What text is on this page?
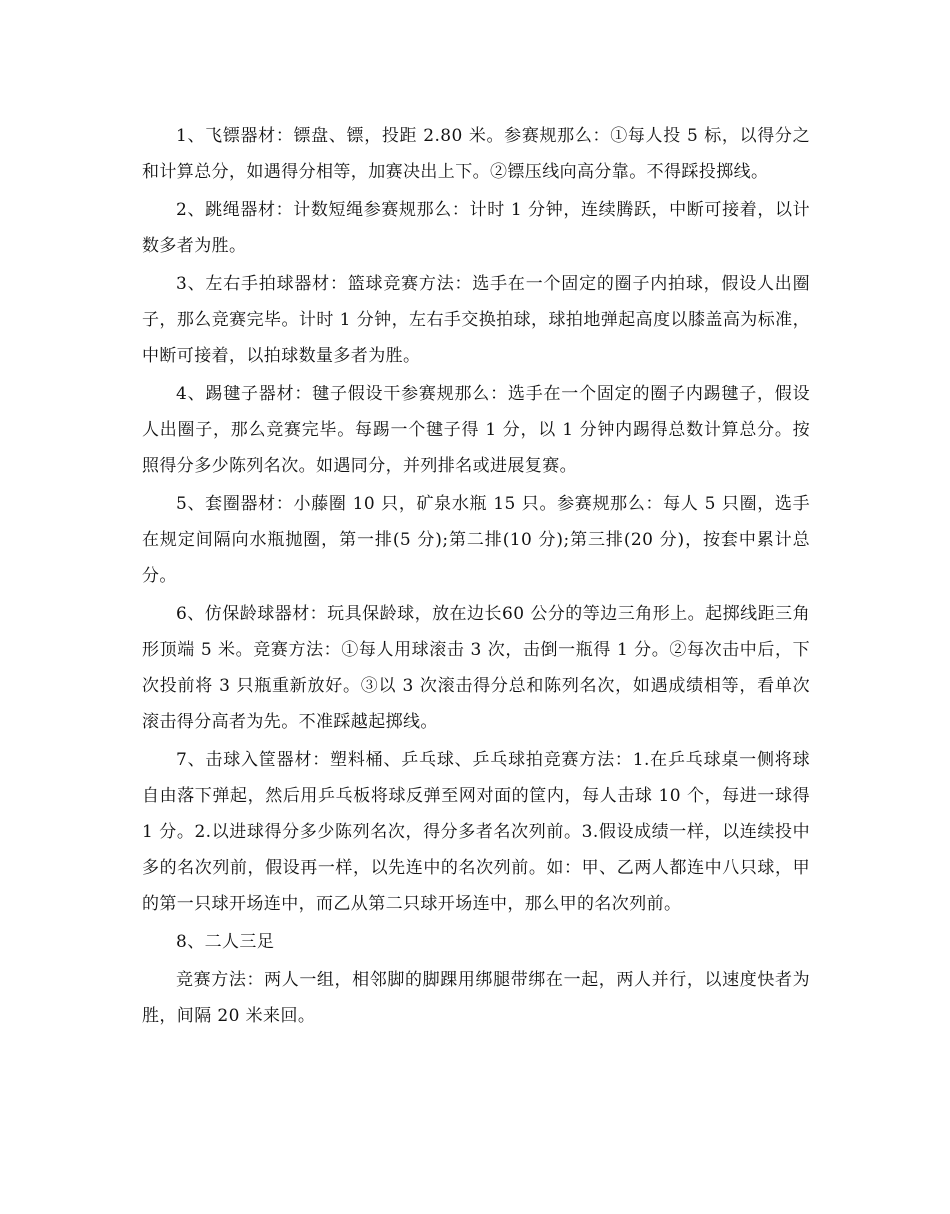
1、飞镖器材：镖盘、镖，投距 2.80 米。参赛规那么：①每人投 5 标，以得分之和计算总分，如遇得分相等，加赛决出上下。②镖压线向高分靠。不得踩投掷线。

2、跳绳器材：计数短绳参赛规那么：计时 1 分钟，连续腾跃，中断可接着，以计数多者为胜。

3、左右手拍球器材：篮球竞赛方法：选手在一个固定的圈子内拍球，假设人出圈子，那么竞赛完毕。计时 1 分钟，左右手交换拍球，球拍地弹起高度以膝盖高为标准，中断可接着，以拍球数量多者为胜。

4、踢毽子器材：毽子假设干参赛规那么：选手在一个固定的圈子内踢毽子，假设人出圈子，那么竞赛完毕。每踢一个毽子得 1 分，以 1 分钟内踢得总数计算总分。按照得分多少陈列名次。如遇同分，并列排名或进展复赛。

5、套圈器材：小藤圈 10 只，矿泉水瓶 15 只。参赛规那么：每人 5 只圈，选手在规定间隔向水瓶抛圈，第一排(5 分);第二排(10 分);第三排(20 分)，按套中累计总分。

6、仿保龄球器材：玩具保龄球，放在边长60 公分的等边三角形上。起掷线距三角形顶端 5 米。竞赛方法：①每人用球滚击 3 次，击倒一瓶得 1 分。②每次击中后，下次投前将 3 只瓶重新放好。③以 3 次滚击得分总和陈列名次，如遇成绩相等，看单次滚击得分高者为先。不准踩越起掷线。

7、击球入筐器材：塑料桶、乒乓球、乒乓球拍竞赛方法：1.在乒乓球桌一侧将球自由落下弹起，然后用乒乓板将球反弹至网对面的筐内，每人击球 10 个，每进一球得 1 分。2.以进球得分多少陈列名次，得分多者名次列前。3.假设成绩一样，以连续投中多的名次列前，假设再一样，以先连中的名次列前。如：甲、乙两人都连中八只球，甲的第一只球开场连中，而乙从第二只球开场连中，那么甲的名次列前。

8、二人三足

竞赛方法：两人一组，相邻脚的脚踝用绑腿带绑在一起，两人并行，以速度快者为胜，间隔 20 米来回。
